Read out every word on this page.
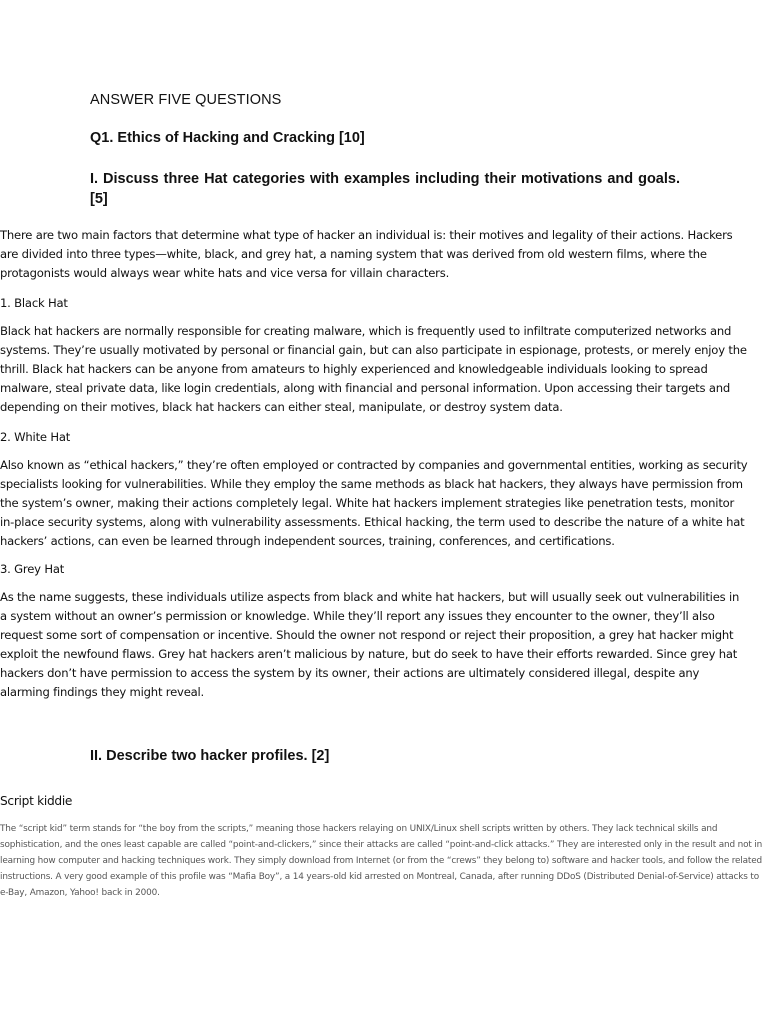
ANSWER FIVE QUESTIONS

Q1. Ethics of Hacking and Cracking [10]

I. Discuss three Hat categories with examples including their motivations and goals. [5]

There are two main factors that determine what type of hacker an individual is: their motives and legality of their actions. Hackers are divided into three types—white, black, and grey hat, a naming system that was derived from old western films, where the protagonists would always wear white hats and vice versa for villain characters.

1. Black Hat

Black hat hackers are normally responsible for creating malware, which is frequently used to infiltrate computerized networks and systems. They’re usually motivated by personal or financial gain, but can also participate in espionage, protests, or merely enjoy the thrill. Black hat hackers can be anyone from amateurs to highly experienced and knowledgeable individuals looking to spread malware, steal private data, like login credentials, along with financial and personal information. Upon accessing their targets and depending on their motives, black hat hackers can either steal, manipulate, or destroy system data.

2. White Hat

Also known as “ethical hackers,” they’re often employed or contracted by companies and governmental entities, working as security specialists looking for vulnerabilities. While they employ the same methods as black hat hackers, they always have permission from the system’s owner, making their actions completely legal. White hat hackers implement strategies like penetration tests, monitor in-place security systems, along with vulnerability assessments. Ethical hacking, the term used to describe the nature of a white hat hackers’ actions, can even be learned through independent sources, training, conferences, and certifications.

3. Grey Hat

As the name suggests, these individuals utilize aspects from black and white hat hackers, but will usually seek out vulnerabilities in a system without an owner’s permission or knowledge. While they’ll report any issues they encounter to the owner, they’ll also request some sort of compensation or incentive. Should the owner not respond or reject their proposition, a grey hat hacker might exploit the newfound flaws. Grey hat hackers aren’t malicious by nature, but do seek to have their efforts rewarded. Since grey hat hackers don’t have permission to access the system by its owner, their actions are ultimately considered illegal, despite any alarming findings they might reveal.

II. Describe two hacker profiles. [2]

Script kiddie

The “script kid” term stands for “the boy from the scripts,” meaning those hackers relaying on UNIX/Linux shell scripts written by others. They lack technical skills and sophistication, and the ones least capable are called “point-and-clickers,” since their attacks are called “point-and-click attacks.” They are interested only in the result and not in learning how computer and hacking techniques work. They simply download from Internet (or from the “crews” they belong to) software and hacker tools, and follow the related instructions. A very good example of this profile was “Mafia Boy”, a 14 years-old kid arrested on Montreal, Canada, after running DDoS (Distributed Denial-of-Service) attacks to e-Bay, Amazon, Yahoo! back in 2000.
